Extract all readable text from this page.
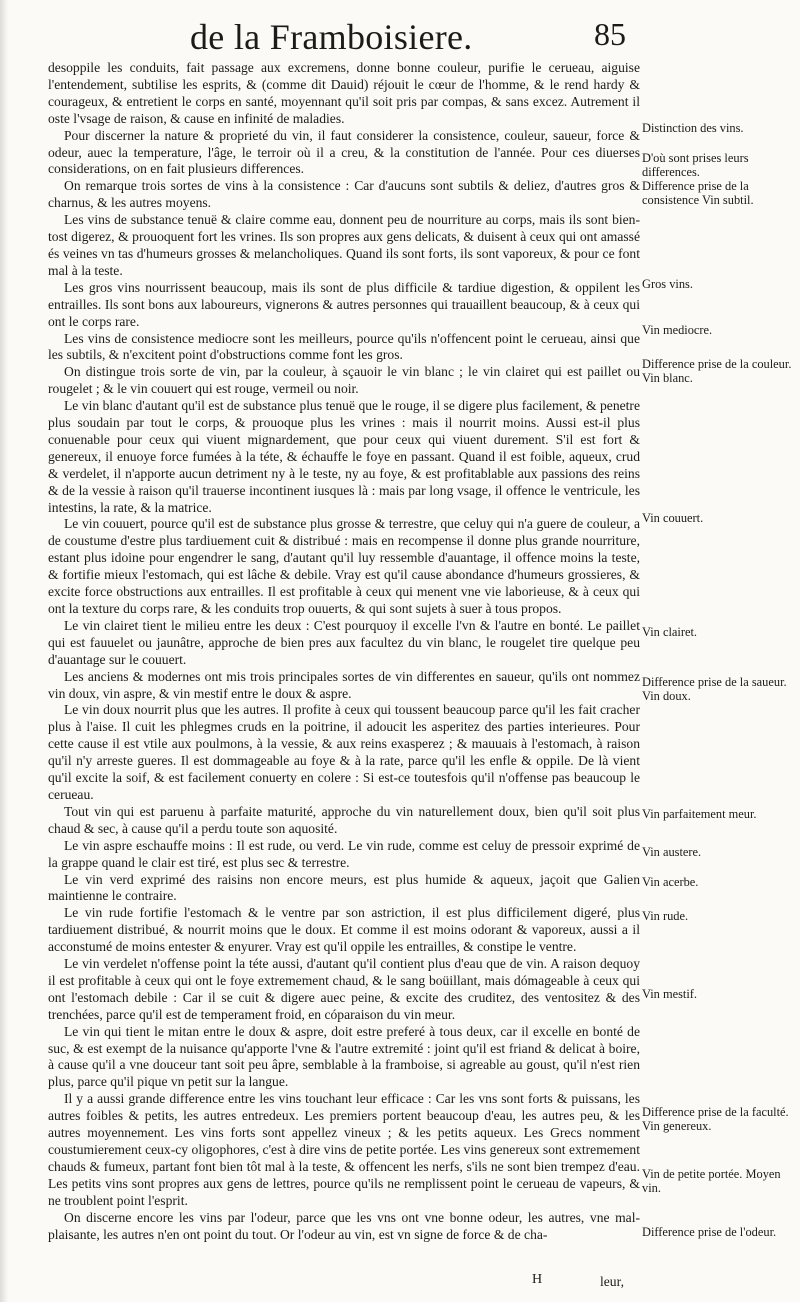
de la Framboisiere.	85

desoppile les conduits, fait passage aux excremens, donne bonne couleur, purifie le cerueau, aiguise l'entendement, subtilise les esprits, & (comme dit Dauid) réjouit le cœur de l'homme, & le rend hardy & courageux, & entretient le corps en santé, moyennant qu'il soit pris par compas, & sans excez. Autrement il oste l'vsage de raison, & cause en infinité de maladies.

Pour discerner la nature & proprieté du vin, il faut considerer la consistence, couleur, saueur, force & odeur, auec la temperature, l'âge, le terroir où il a creu, & la constitution de l'année. Pour ces diuerses considerations, on en fait plusieurs differences.

On remarque trois sortes de vins à la consistence : Car d'aucuns sont subtils & deliez, d'autres gros & charnus, & les autres moyens.

Les vins de substance tenuë & claire comme eau, donnent peu de nourriture au corps, mais ils sont bien-tost digerez, & prouoquent fort les vrines. Ils son propres aux gens delicats, & duisent à ceux qui ont amassé és veines vn tas d'humeurs grosses & melancholiques. Quand ils sont forts, ils sont vaporeux, & pour ce font mal à la teste.

Les gros vins nourrissent beaucoup, mais ils sont de plus difficile & tardiue digestion, & oppilent les entrailles. Ils sont bons aux laboureurs, vignerons & autres personnes qui trauaillent beaucoup, & à ceux qui ont le corps rare.

Les vins de consistence mediocre sont les meilleurs, pource qu'ils n'offencent point le cerueau, ainsi que les subtils, & n'excitent point d'obstructions comme font les gros.

On distingue trois sorte de vin, par la couleur, à sçauoir le vin blanc ; le vin clairet qui est paillet ou rougelet ; & le vin couuert qui est rouge, vermeil ou noir.

Le vin blanc d'autant qu'il est de substance plus tenuë que le rouge, il se digere plus facilement, & penetre plus soudain par tout le corps, & prouoque plus les vrines : mais il nourrit moins. Aussi est-il plus conuenable pour ceux qui viuent mignardement, que pour ceux qui viuent durement. S'il est fort & genereux, il enuoye force fumées à la téte, & échauffe le foye en passant. Quand il est foible, aqueux, crud & verdelet, il n'apporte aucun detriment ny à le teste, ny au foye, & est profitablable aux passions des reins & de la vessie à raison qu'il trauerse incontinent iusques là : mais par long vsage, il offence le ventricule, les intestins, la rate, & la matrice.

Le vin couuert, pource qu'il est de substance plus grosse & terrestre, que celuy qui n'a guere de couleur, a de coustume d'estre plus tardiuement cuit & distribué : mais en recompense il donne plus grande nourriture, estant plus idoine pour engendrer le sang, d'autant qu'il luy ressemble d'auantage, il offence moins la teste, & fortifie mieux l'estomach, qui est lâche & debile. Vray est qu'il cause abondance d'humeurs grossieres, & excite force obstructions aux entrailles. Il est profitable à ceux qui menent vne vie laborieuse, & à ceux qui ont la texture du corps rare, & les conduits trop ouuerts, & qui sont sujets à suer à tous propos.

Le vin clairet tient le milieu entre les deux : C'est pourquoy il excelle l'vn & l'autre en bonté. Le paillet qui est fauuelet ou jaunâtre, approche de bien pres aux facultez du vin blanc, le rougelet tire quelque peu d'auantage sur le couuert.

Les anciens & modernes ont mis trois principales sortes de vin differentes en saueur, qu'ils ont nommez vin doux, vin aspre, & vin mestif entre le doux & aspre.

Le vin doux nourrit plus que les autres. Il profite à ceux qui toussent beaucoup parce qu'il les fait cracher plus à l'aise. Il cuit les phlegmes cruds en la poitrine, il adoucit les asperitez des parties interieures. Pour cette cause il est vtile aux poulmons, à la vessie, & aux reins exasperez ; & mauuais à l'estomach, à raison qu'il n'y arreste gueres. Il est dommageable au foye & à la rate, parce qu'il les enfle & oppile. De là vient qu'il excite la soif, & est facilement conuerty en colere : Si est-ce toutesfois qu'il n'offense pas beaucoup le cerueau.

Tout vin qui est paruenu à parfaite maturité, approche du vin naturellement doux, bien qu'il soit plus chaud & sec, à cause qu'il a perdu toute son aquosité.

Le vin aspre eschauffe moins : Il est rude, ou verd. Le vin rude, comme est celuy de pressoir exprimé de la grappe quand le clair est tiré, est plus sec & terrestre.

Le vin verd exprimé des raisins non encore meurs, est plus humide & aqueux, jaçoit que Galien maintienne le contraire.

Le vin rude fortifie l'estomach & le ventre par son astriction, il est plus difficilement digeré, plus tardiuement distribué, & nourrit moins que le doux. Et comme il est moins odorant & vaporeux, aussi a il acconstumé de moins entester & enyurer. Vray est qu'il oppile les entrailles, & constipe le ventre.

Le vin verdelet n'offense point la téte aussi, d'autant qu'il contient plus d'eau que de vin. A raison dequoy il est profitable à ceux qui ont le foye extremement chaud, & le sang boüillant, mais dómageable à ceux qui ont l'estomach debile : Car il se cuit & digere auec peine, & excite des cruditez, des ventositez & des trenchées, parce qu'il est de temperament froid, en cóparaison du vin meur.

Le vin qui tient le mitan entre le doux & aspre, doit estre preferé à tous deux, car il excelle en bonté de suc, & est exempt de la nuisance qu'apporte l'vne & l'autre extremité : joint qu'il est friand & delicat à boire, à cause qu'il a vne douceur tant soit peu âpre, semblable à la framboise, si agreable au goust, qu'il n'est rien plus, parce qu'il pique vn petit sur la langue.

Il y a aussi grande difference entre les vins touchant leur efficace : Car les vns sont forts & puissans, les autres foibles & petits, les autres entredeux. Les premiers portent beaucoup d'eau, les autres peu, & les autres moyennement. Les vins forts sont appellez vineux ; & les petits aqueux. Les Grecs nomment coustumierement ceux-cy oligophores, c'est à dire vins de petite portée. Les vins genereux sont extremement chauds & fumeux, partant font bien tôt mal à la teste, & offencent les nerfs, s'ils ne sont bien trempez d'eau. Les petits vins sont propres aux gens de lettres, pource qu'ils ne remplissent point le cerueau de vapeurs, & ne troublent point l'esprit.

On discerne encore les vins par l'odeur, parce que les vns ont vne bonne odeur, les autres, vne mal-plaisante, les autres n'en ont point du tout. Or l'odeur au vin, est vn signe de force & de cha-

Distinction des vins.
D'où sont prises leurs differences.
Difference prise de la consistence Vin subtil.
Gros vins.
Vin mediocre.
Difference prise de la couleur. Vin blanc.
Vin couuert.
Vin clairet.
Difference prise de la saueur. Vin doux.
Vin parfaitement meur.
Vin austere.
Vin acerbe.
Vin rude.
Vin mestif.
Difference prise de la faculté. Vin genereux.
Vin de petite portée. Moyen vin.
Difference prise de l'odeur.
H	leur,
